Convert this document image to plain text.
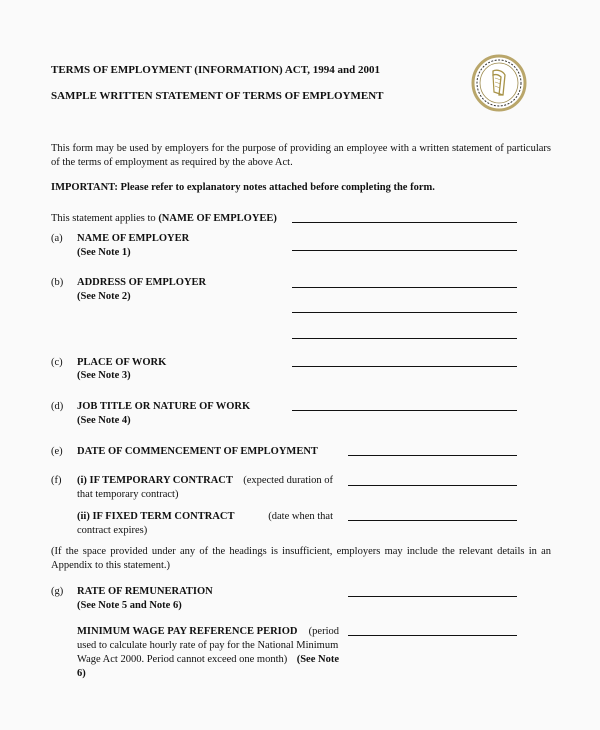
TERMS OF EMPLOYMENT (INFORMATION) ACT, 1994 and 2001
SAMPLE WRITTEN STATEMENT OF TERMS OF EMPLOYMENT
This form may be used by employers for the purpose of providing an employee with a written statement of particulars
of the terms of employment as required by the above Act.
IMPORTANT: Please refer to explanatory notes attached before completing the form.
This statement applies to (NAME OF EMPLOYEE)
(a) NAME OF EMPLOYER
(See Note 1)
(b) ADDRESS OF EMPLOYER
(See Note 2)
(c) PLACE OF WORK
(See Note 3)
(d) JOB TITLE OR NATURE OF WORK
(See Note 4)
(e) DATE OF COMMENCEMENT OF EMPLOYMENT
(f) (i) IF TEMPORARY CONTRACT (expected duration of
that temporary contract)
(ii) IF FIXED TERM CONTRACT	(date when that
contract expires)
(If the space provided under any of the headings is insufficient, employers may include the relevant details in an
Appendix to this statement.)
(g) RATE OF REMUNERATION
(See Note 5 and Note 6)
MINIMUM WAGE PAY REFERENCE PERIOD (period
used to calculate hourly rate of pay for the National Minimum
Wage Act 2000. Period cannot exceed one month) (See Note
6)
